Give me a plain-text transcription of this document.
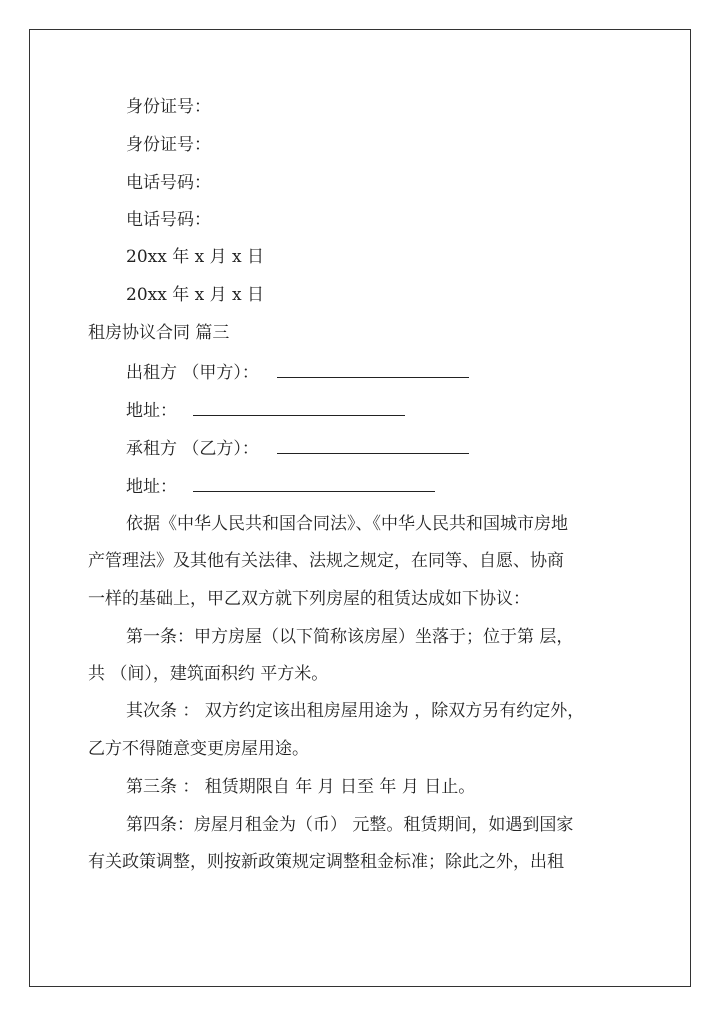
身份证号：
身份证号：
电话号码：
电话号码：
20xx 年 x 月 x 日
20xx 年 x 月 x 日
租房协议合同 篇三
出租方 （甲方）：
地址：
承租方 （乙方）：
地址：
依据《中华人民共和国合同法》、《中华人民共和国城市房地
产管理法》及其他有关法律、法规之规定，在同等、自愿、协商
一样的基础上，甲乙双方就下列房屋的租赁达成如下协议：
第一条：甲方房屋（以下简称该房屋）坐落于；位于第 层，
共 （间），建筑面积约 平方米。
其次条 ： 双方约定该出租房屋用途为 ，除双方另有约定外，
乙方不得随意变更房屋用途。
第三条 ： 租赁期限自 年 月 日至 年 月 日止。
第四条：房屋月租金为（币） 元整。租赁期间，如遇到国家
有关政策调整，则按新政策规定调整租金标准；除此之外，出租
